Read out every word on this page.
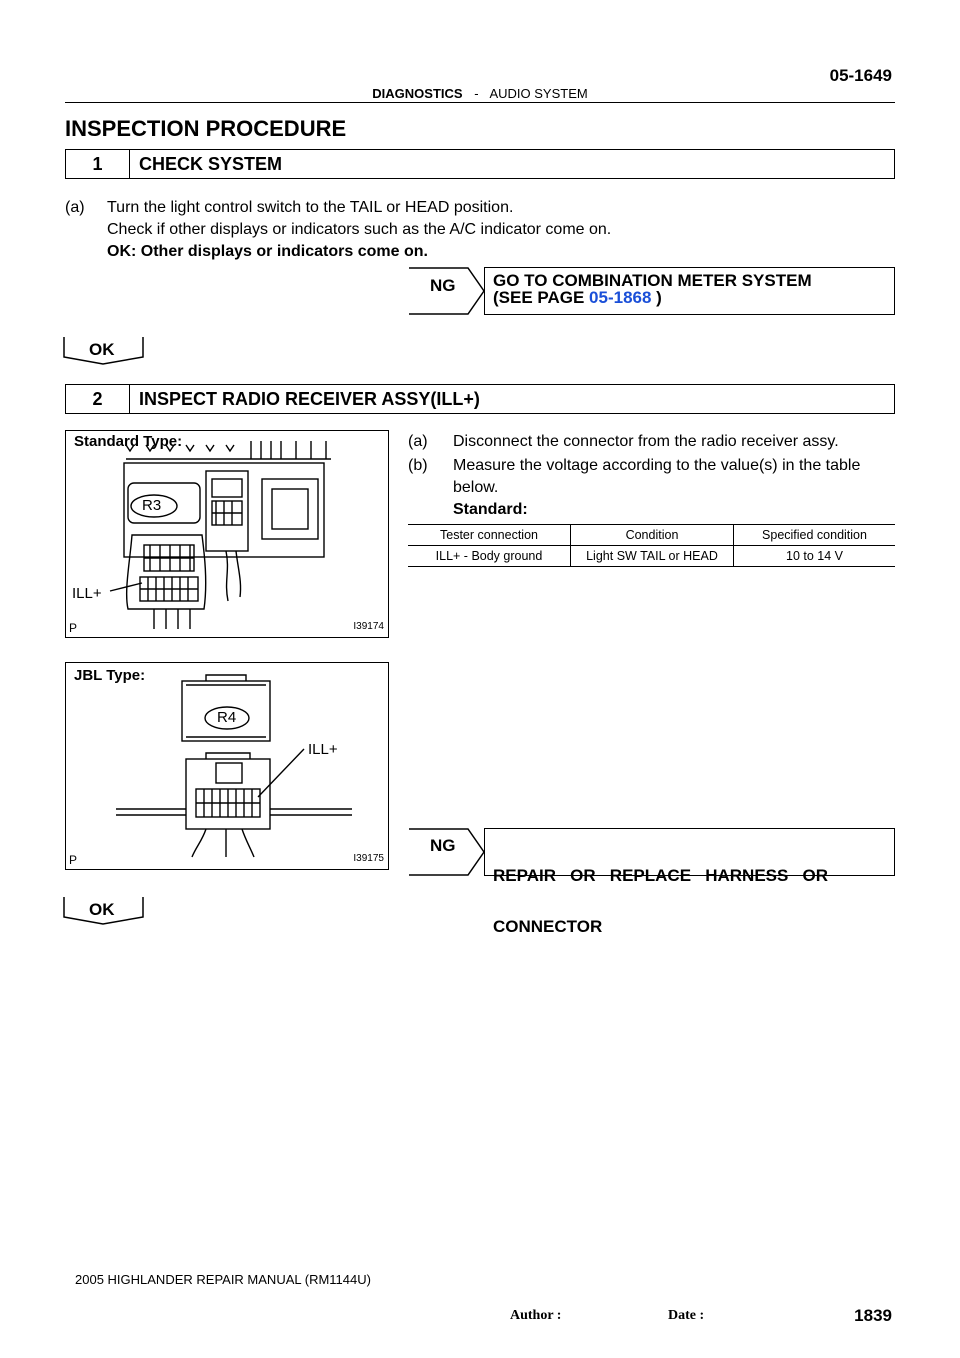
05-1649
DIAGNOSTICS - AUDIO SYSTEM
INSPECTION PROCEDURE
1	CHECK SYSTEM
(a) Turn the light control switch to the TAIL or HEAD position.
Check if other displays or indicators such as the A/C indicator come on.
OK: Other displays or indicators come on.
NG GO TO COMBINATION METER SYSTEM
(SEE PAGE 05-1868 )
OK
2	INSPECT RADIO RECEIVER ASSY(ILL+)
(a) Disconnect the connector from the radio receiver assy.
(b) Measure the voltage according to the value(s) in the table
below.
Standard:
Tester connection	Condition	Specified condition
ILL+ - Body ground	Light SW TAIL or HEAD	10 to 14 V
Standard Type:
R3
ILL+
P	I39174
JBL Type:
R4
ILL+
P	I39175
NG

REPAIR   OR   REPLACE   HARNESS   OR

CONNECTOR

OK
2005 HIGHLANDER REPAIR MANUAL (RM1144U)
1839
Author :	Date :
